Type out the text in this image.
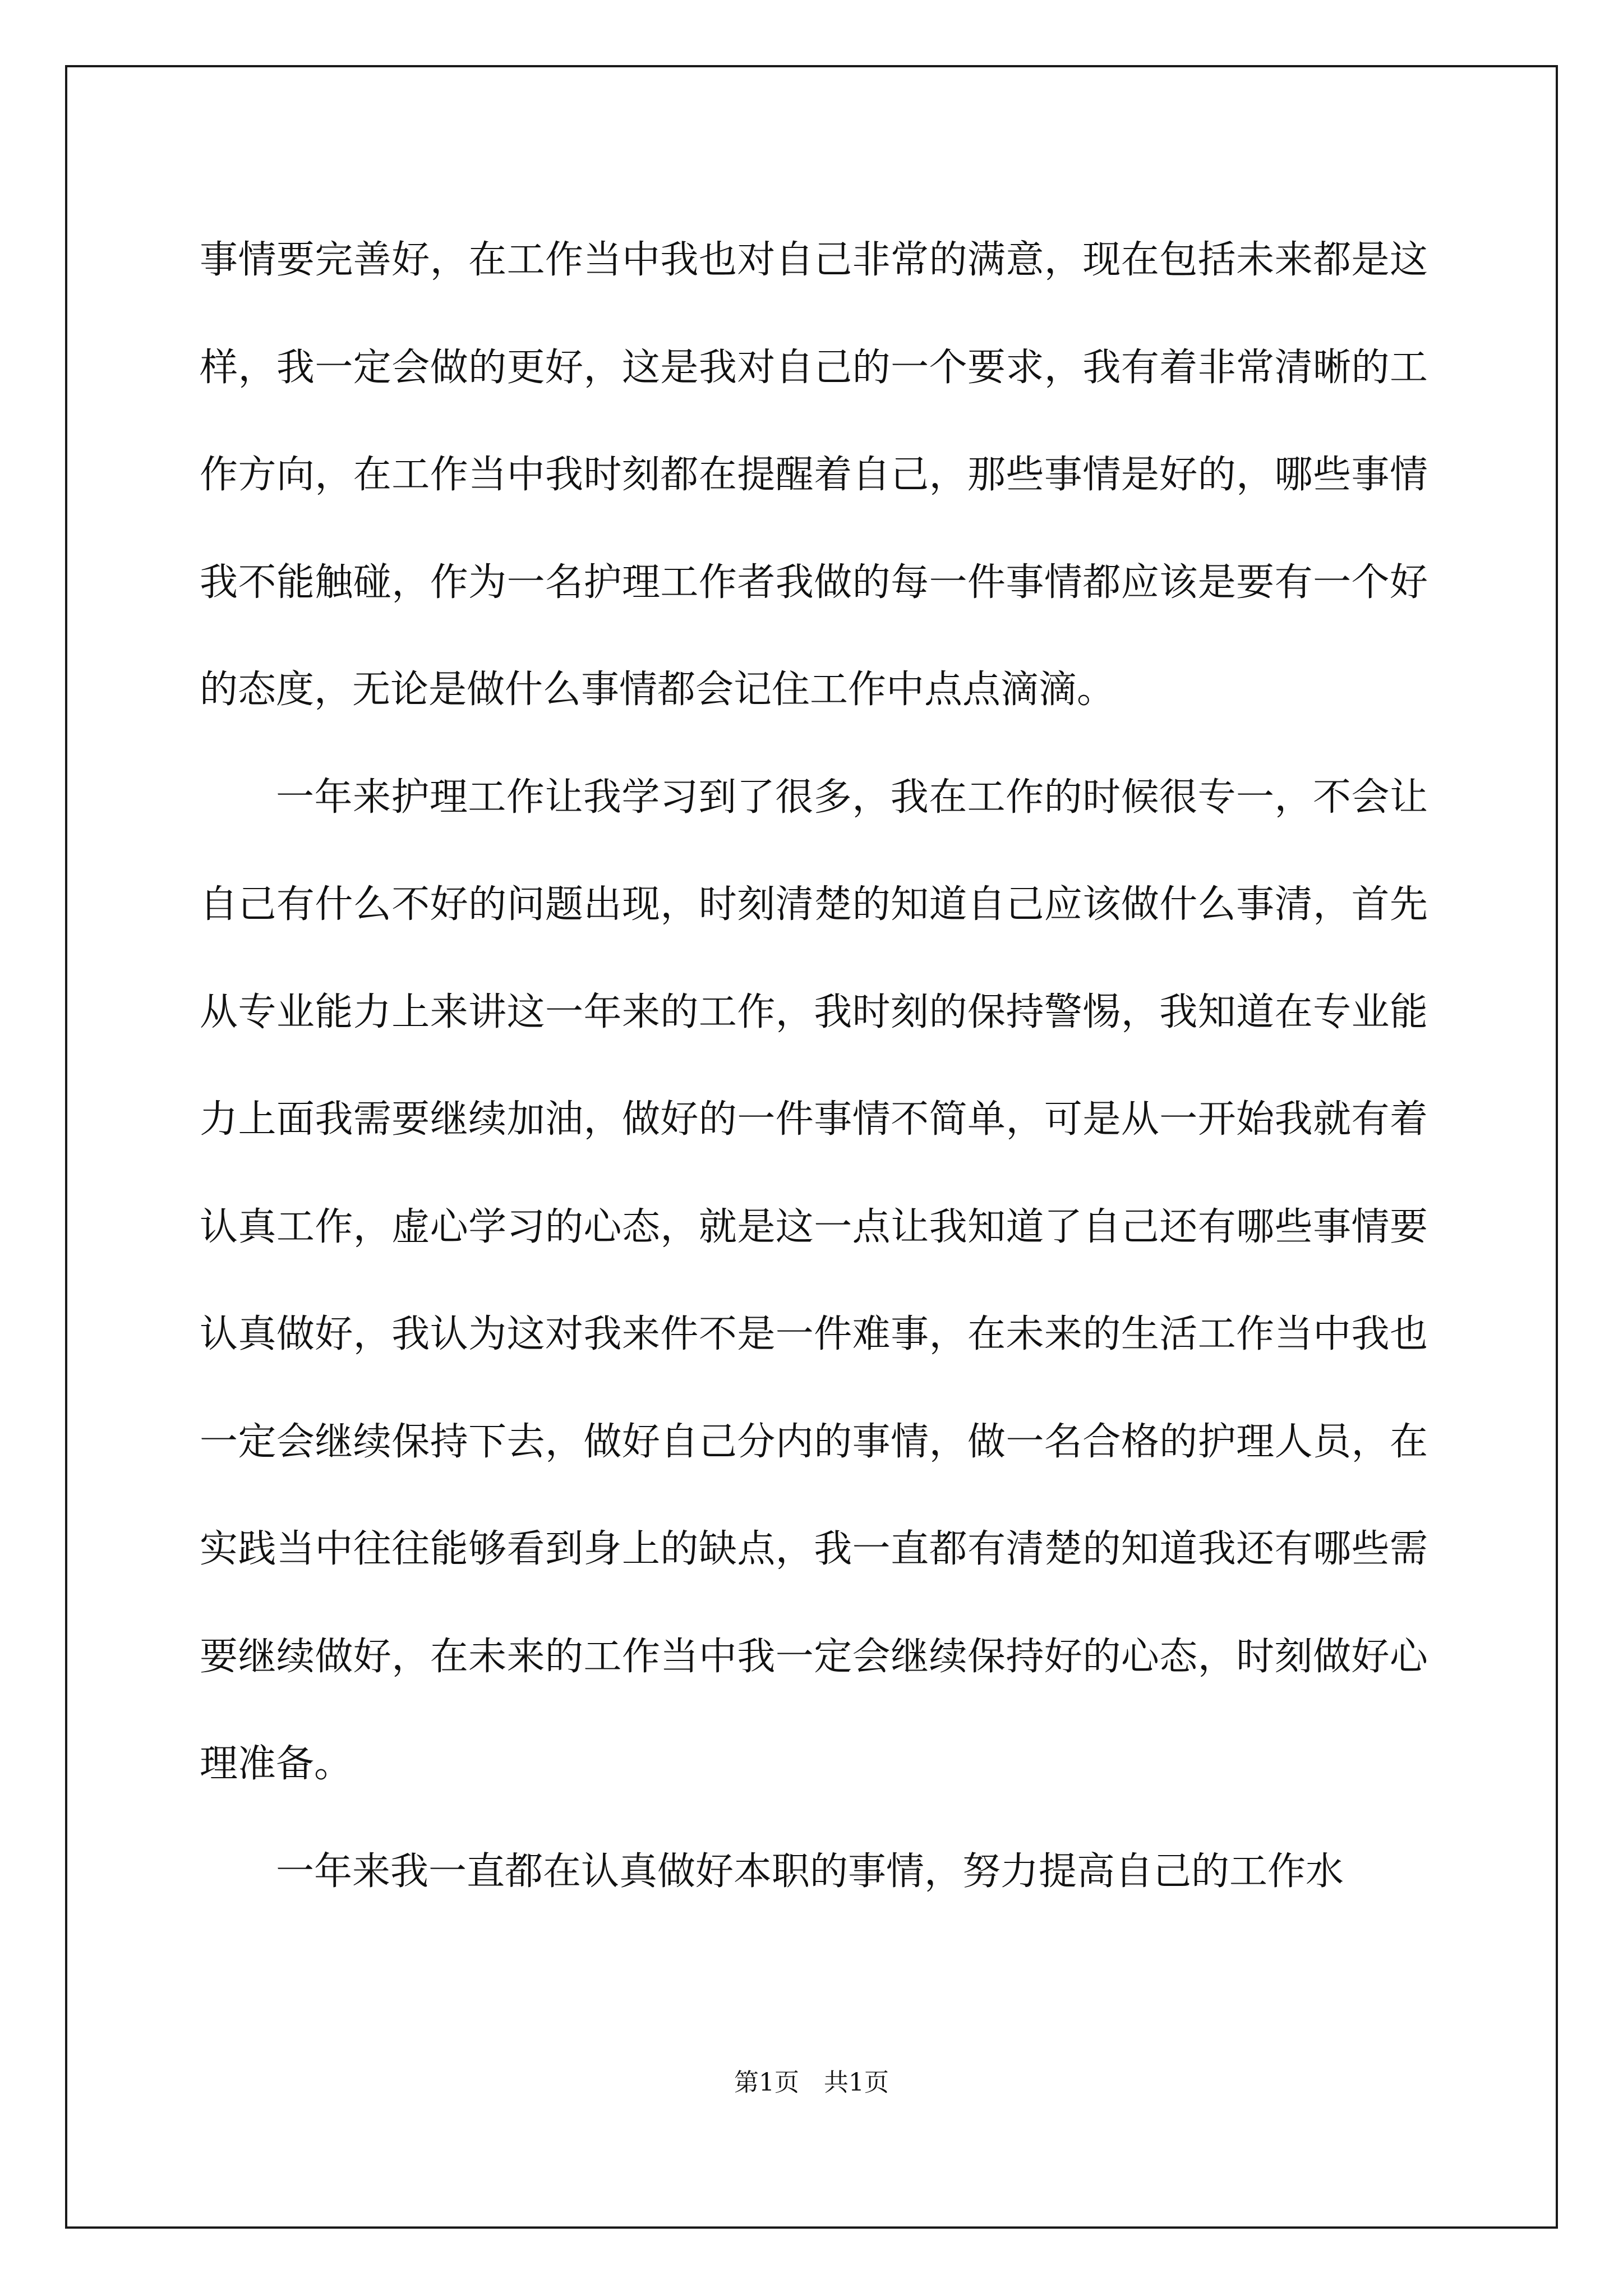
事情要完善好，在工作当中我也对自己非常的满意，现在包括未来都是这样，我一定会做的更好，这是我对自己的一个要求，我有着非常清晰的工作方向，在工作当中我时刻都在提醒着自己，那些事情是好的，哪些事情我不能触碰，作为一名护理工作者我做的每一件事情都应该是要有一个好的态度，无论是做什么事情都会记住工作中点点滴滴。

一年来护理工作让我学习到了很多，我在工作的时候很专一，不会让自己有什么不好的问题出现，时刻清楚的知道自己应该做什么事清，首先从专业能力上来讲这一年来的工作，我时刻的保持警惕，我知道在专业能力上面我需要继续加油，做好的一件事情不简单，可是从一开始我就有着认真工作，虚心学习的心态，就是这一点让我知道了自己还有哪些事情要认真做好，我认为这对我来件不是一件难事，在未来的生活工作当中我也一定会继续保持下去，做好自己分内的事情，做一名合格的护理人员，在实践当中往往能够看到身上的缺点，我一直都有清楚的知道我还有哪些需要继续做好，在未来的工作当中我一定会继续保持好的心态，时刻做好心理准备。

一年来我一直都在认真做好本职的事情，努力提高自己的工作水

第1页　共1页
